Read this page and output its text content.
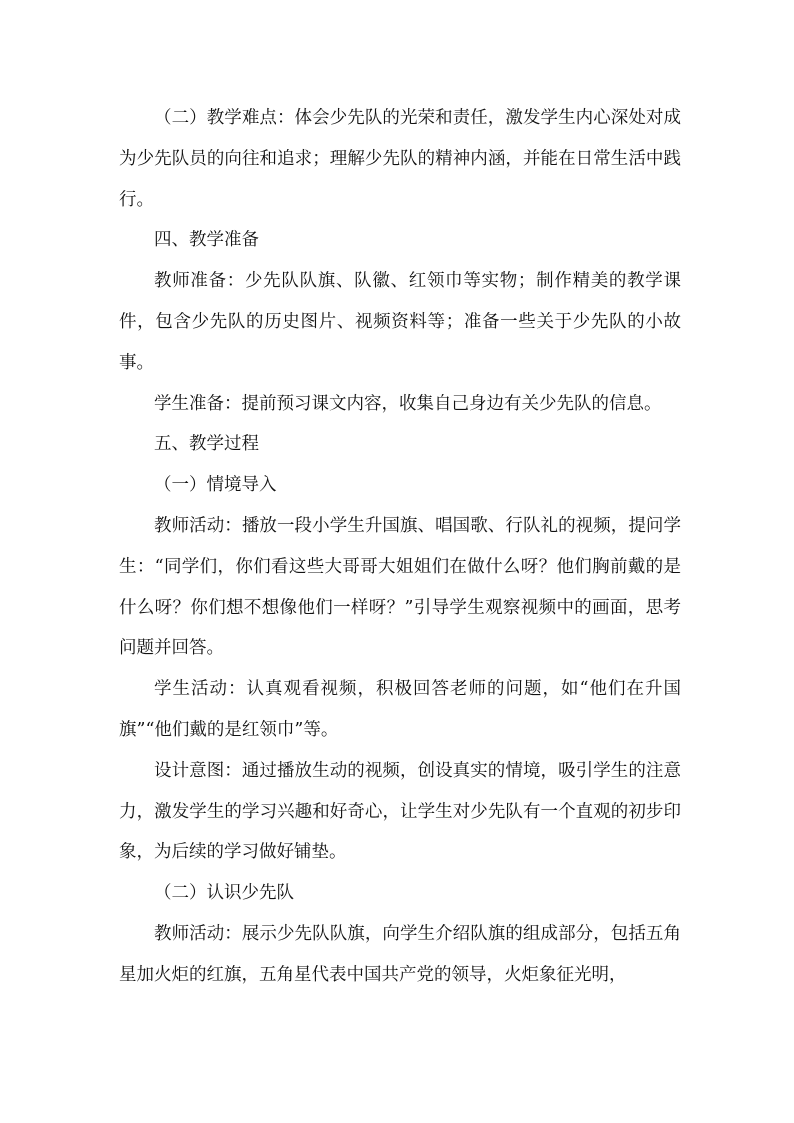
（二）教学难点：体会少先队的光荣和责任，激发学生内心深处对成为少先队员的向往和追求；理解少先队的精神内涵，并能在日常生活中践行。

四、教学准备

教师准备：少先队队旗、队徽、红领巾等实物；制作精美的教学课件，包含少先队的历史图片、视频资料等；准备一些关于少先队的小故事。

学生准备：提前预习课文内容，收集自己身边有关少先队的信息。

五、教学过程

（一）情境导入

教师活动：播放一段小学生升国旗、唱国歌、行队礼的视频，提问学生：“同学们，你们看这些大哥哥大姐姐们在做什么呀？他们胸前戴的是什么呀？你们想不想像他们一样呀？”引导学生观察视频中的画面，思考问题并回答。

学生活动：认真观看视频，积极回答老师的问题，如“他们在升国旗”“他们戴的是红领巾”等。

设计意图：通过播放生动的视频，创设真实的情境，吸引学生的注意力，激发学生的学习兴趣和好奇心，让学生对少先队有一个直观的初步印象，为后续的学习做好铺垫。

（二）认识少先队

教师活动：展示少先队队旗，向学生介绍队旗的组成部分，包括五角星加火炬的红旗，五角星代表中国共产党的领导，火炬象征光明，
